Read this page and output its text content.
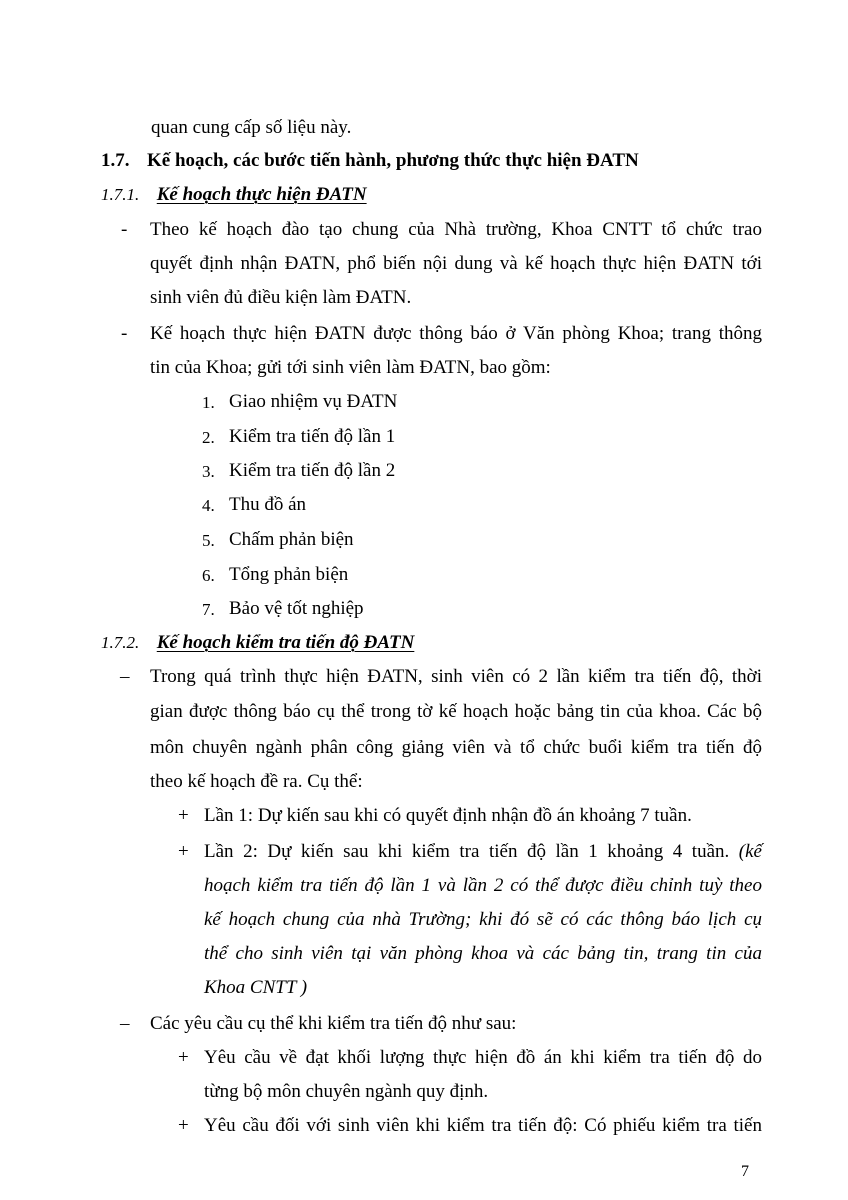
quan cung cấp số liệu này.
1.7. Kế hoạch, các bước tiến hành, phương thức thực hiện ĐATN
1.7.1. Kế hoạch thực hiện ĐATN
- Theo kế hoạch đào tạo chung của Nhà trường, Khoa CNTT tổ chức trao
quyết định nhận ĐATN, phổ biến nội dung và kế hoạch thực hiện ĐATN tới
sinh viên đủ điều kiện làm ĐATN.
- Kế hoạch thực hiện ĐATN được thông báo ở Văn phòng Khoa; trang thông
tin của Khoa; gửi tới sinh viên làm ĐATN, bao gồm:
1. Giao nhiệm vụ ĐATN
2. Kiểm tra tiến độ lần 1
3. Kiểm tra tiến độ lần 2
4. Thu đồ án
5. Chấm phản biện
6. Tổng phản biện
7. Bảo vệ tốt nghiệp
1.7.2. Kế hoạch kiểm tra tiến độ ĐATN
– Trong quá trình thực hiện ĐATN, sinh viên có 2 lần kiểm tra tiến độ, thời
gian được thông báo cụ thể trong tờ kế hoạch hoặc bảng tin của khoa. Các bộ
môn chuyên ngành phân công giảng viên và tổ chức buổi kiểm tra tiến độ
theo kế hoạch đề ra. Cụ thể:
+ Lần 1: Dự kiến sau khi có quyết định nhận đồ án khoảng 7 tuần.
+ Lần 2: Dự kiến sau khi kiểm tra tiến độ lần 1 khoảng 4 tuần. (kế
hoạch kiểm tra tiến độ lần 1 và lần 2 có thể được điều chỉnh tuỳ theo
kế hoạch chung của nhà Trường; khi đó sẽ có các thông báo lịch cụ
thể cho sinh viên tại văn phòng khoa và các bảng tin, trang tin của
Khoa CNTT )
– Các yêu cầu cụ thể khi kiểm tra tiến độ như sau:
+ Yêu cầu về đạt khối lượng thực hiện đồ án khi kiểm tra tiến độ do
từng bộ môn chuyên ngành quy định.
+ Yêu cầu đối với sinh viên khi kiểm tra tiến độ: Có phiếu kiểm tra tiến
7
